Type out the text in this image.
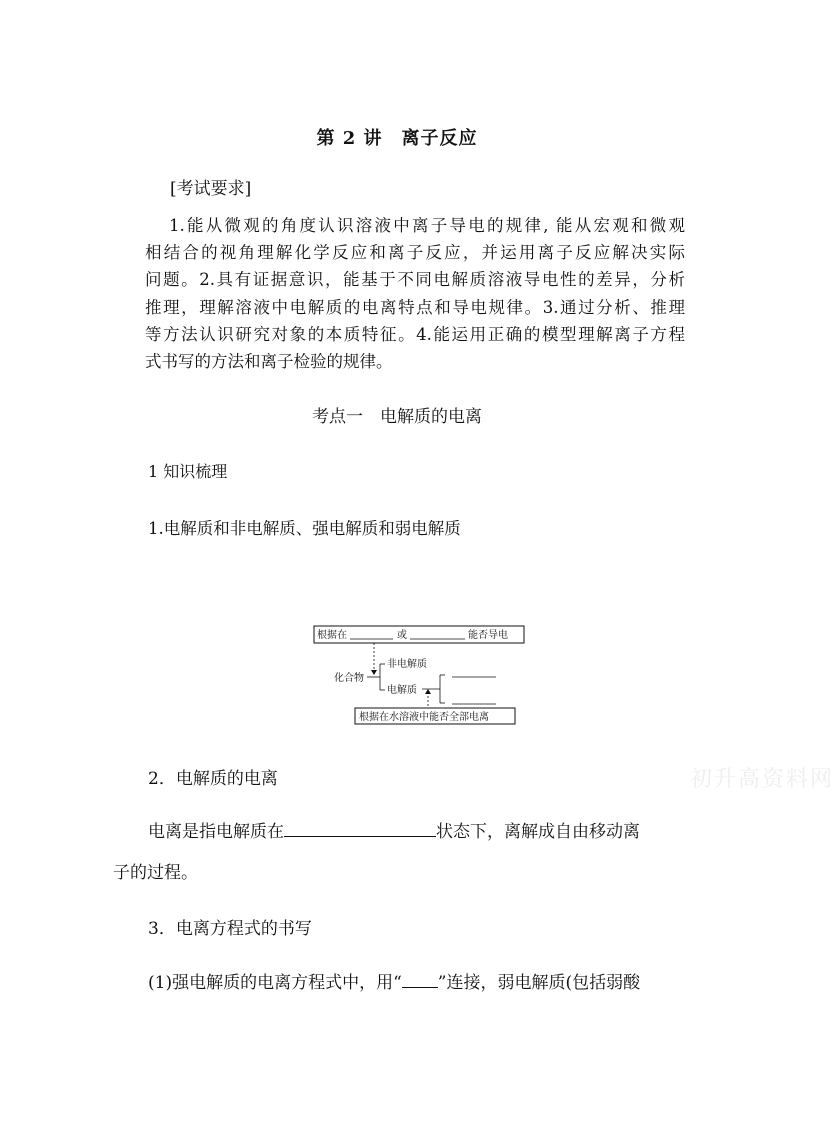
第 2 讲　离子反应
[考试要求]
1.能从微观的角度认识溶液中离子导电的规律, 能从宏观和微观
相结合的视角理解化学反应和离子反应，并运用离子反应解决实际
问题。2.具有证据意识，能基于不同电解质溶液导电性的差异，分析
推理，理解溶液中电解质的电离特点和导电规律。3.通过分析、推理
等方法认识研究对象的本质特征。4.能运用正确的模型理解离子方程
式书写的方法和离子检验的规律。
考点一　电解质的电离
1 知识梳理
1.电解质和非电解质、强电解质和弱电解质
根据在	或	能否导电
化合物
非电解质
电解质
根据在水溶液中能否全部电离
2．电解质的电离
电离是指电解质在	状态下，离解成自由移动离
子的过程。
3．电离方程式的书写
(1)强电解质的电离方程式中，用“ ”连接，弱电解质(包括弱酸
初升高资料网
